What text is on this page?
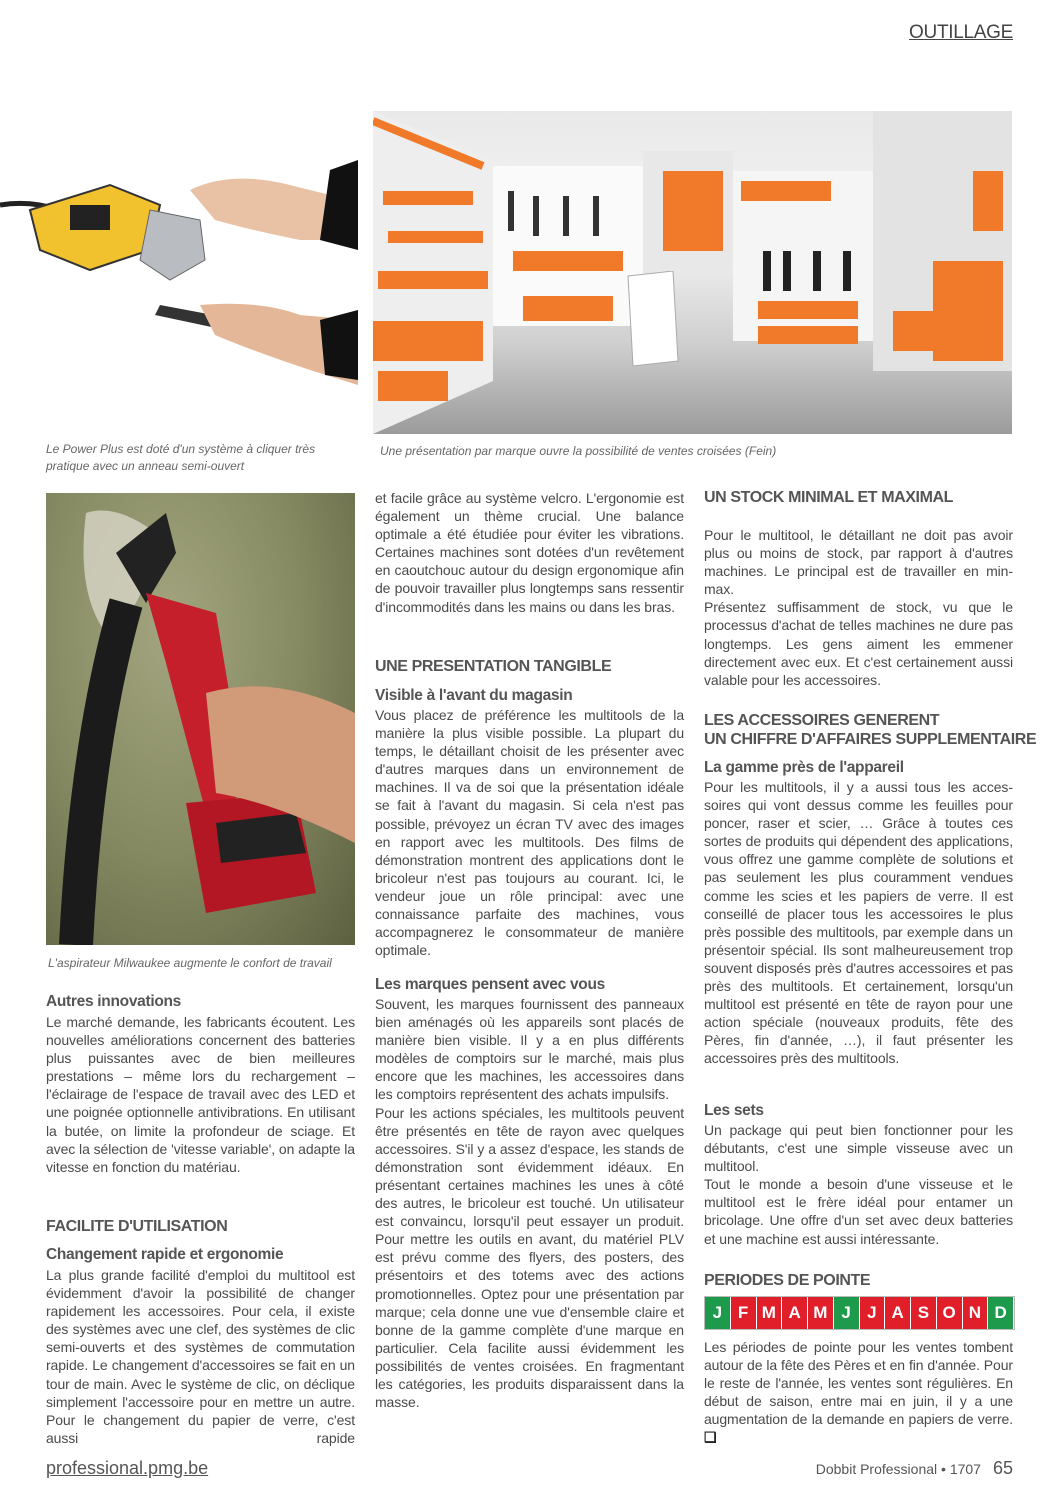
OUTILLAGE
Le Power Plus est doté d'un système à cliquer très pratique avec un anneau semi-ouvert
Une présentation par marque ouvre la possibilité de ventes croisées (Fein)
L'aspirateur Milwaukee augmente le confort de travail
Autres innovations
Le marché demande, les fabricants écoutent. Les nouvelles améliorations concernent des batteries plus puissantes avec de bien meilleures prestations – même lors du rechargement – l'éclairage de l'espace de travail avec des LED et une poignée optionnelle antivibrations. En utilisant la butée, on limite la profondeur de sciage. Et avec la sélection de 'vitesse variable', on adapte la vitesse en fonction du matériau.
FACILITE D'UTILISATION
Changement rapide et ergonomie
La plus grande facilité d'emploi du multitool est évidemment d'avoir la possibilité de changer rapidement les accessoires. Pour cela, il existe des systèmes avec une clef, des systèmes de clic semi-ouverts et des systèmes de commutation rapide. Le changement d'accessoires se fait en un tour de main. Avec le système de clic, on déclique simplement l'accessoire pour en mettre un autre. Pour le changement du papier de verre, c'est aussi rapide
et facile grâce au système velcro. L'ergonomie est également un thème crucial. Une balance optimale a été étudiée pour éviter les vibrations. Certaines machines sont dotées d'un revêtement en caoutchouc autour du design ergonomique afin de pouvoir travailler plus longtemps sans ressentir d'incommodités dans les mains ou dans les bras.
UNE PRESENTATION TANGIBLE
Visible à l'avant du magasin
Vous placez de préférence les multitools de la manière la plus visible possible. La plupart du temps, le détaillant choisit de les présenter avec d'autres marques dans un environnement de machines. Il va de soi que la présentation idéale se fait à l'avant du magasin. Si cela n'est pas possible, prévoyez un écran TV avec des images en rapport avec les multitools. Des films de démonstration montrent des applications dont le bricoleur n'est pas toujours au courant. Ici, le vendeur joue un rôle principal: avec une connaissance parfaite des machines, vous accompagnerez le consommateur de manière optimale.
Les marques pensent avec vous
Souvent, les marques fournissent des panneaux bien aménagés où les appareils sont placés de manière bien visible. Il y a en plus différents modèles de comptoirs sur le marché, mais plus encore que les machines, les accessoires dans les comptoirs représentent des achats impulsifs.
Pour les actions spéciales, les multitools peuvent être présentés en tête de rayon avec quelques accessoires. S'il y a assez d'espace, les stands de démonstration sont évidemment idéaux. En présentant certaines machines les unes à côté des autres, le bricoleur est touché. Un utilisateur est convaincu, lorsqu'il peut essayer un produit. Pour mettre les outils en avant, du matériel PLV est prévu comme des flyers, des posters, des présentoirs et des totems avec des actions promotionnelles. Optez pour une présentation par marque; cela donne une vue d'ensemble claire et bonne de la gamme complète d'une marque en particulier. Cela facilite aussi évidemment les possibilités de ventes croisées. En fragmentant les catégories, les produits disparaissent dans la masse.
UN STOCK MINIMAL ET MAXIMAL
Pour le multitool, le détaillant ne doit pas avoir plus ou moins de stock, par rapport à d'autres machines. Le principal est de travailler en minmax.
Présentez suffisamment de stock, vu que le processus d'achat de telles machines ne dure pas longtemps. Les gens aiment les emmener directement avec eux. Et c'est certainement aussi valable pour les accessoires.
LES ACCESSOIRES GENERENT
UN CHIFFRE D'AFFAIRES SUPPLEMENTAIRE
La gamme près de l'appareil
Pour les multitools, il y a aussi tous les accessoires qui vont dessus comme les feuilles pour poncer, raser et scier, … Grâce à toutes ces sortes de produits qui dépendent des applications, vous offrez une gamme complète de solutions et pas seulement les plus couramment vendues comme les scies et les papiers de verre. Il est conseillé de placer tous les accessoires le plus près possible des multitools, par exemple dans un présentoir spécial. Ils sont malheureusement trop souvent disposés près d'autres accessoires et pas près des multitools. Et certainement, lorsqu'un multitool est présenté en tête de rayon pour une action spéciale (nouveaux produits, fête des Pères, fin d'année, …), il faut présenter les accessoires près des multitools.
Les sets
Un package qui peut bien fonctionner pour les débutants, c'est une simple visseuse avec un multitool.
Tout le monde a besoin d'une visseuse et le multitool est le frère idéal pour entamer un bricolage. Une offre d'un set avec deux batteries et une machine est aussi intéressante.
PERIODES DE POINTE
J F M A M J J A S O N D
Les périodes de pointe pour les ventes tombent autour de la fête des Pères et en fin d'année. Pour le reste de l'année, les ventes sont régulières. En début de saison, entre mai en juin, il y a une augmentation de la demande en papiers de verre. ❑
professional.pmg.be	Dobbit Professional • 1707 65
